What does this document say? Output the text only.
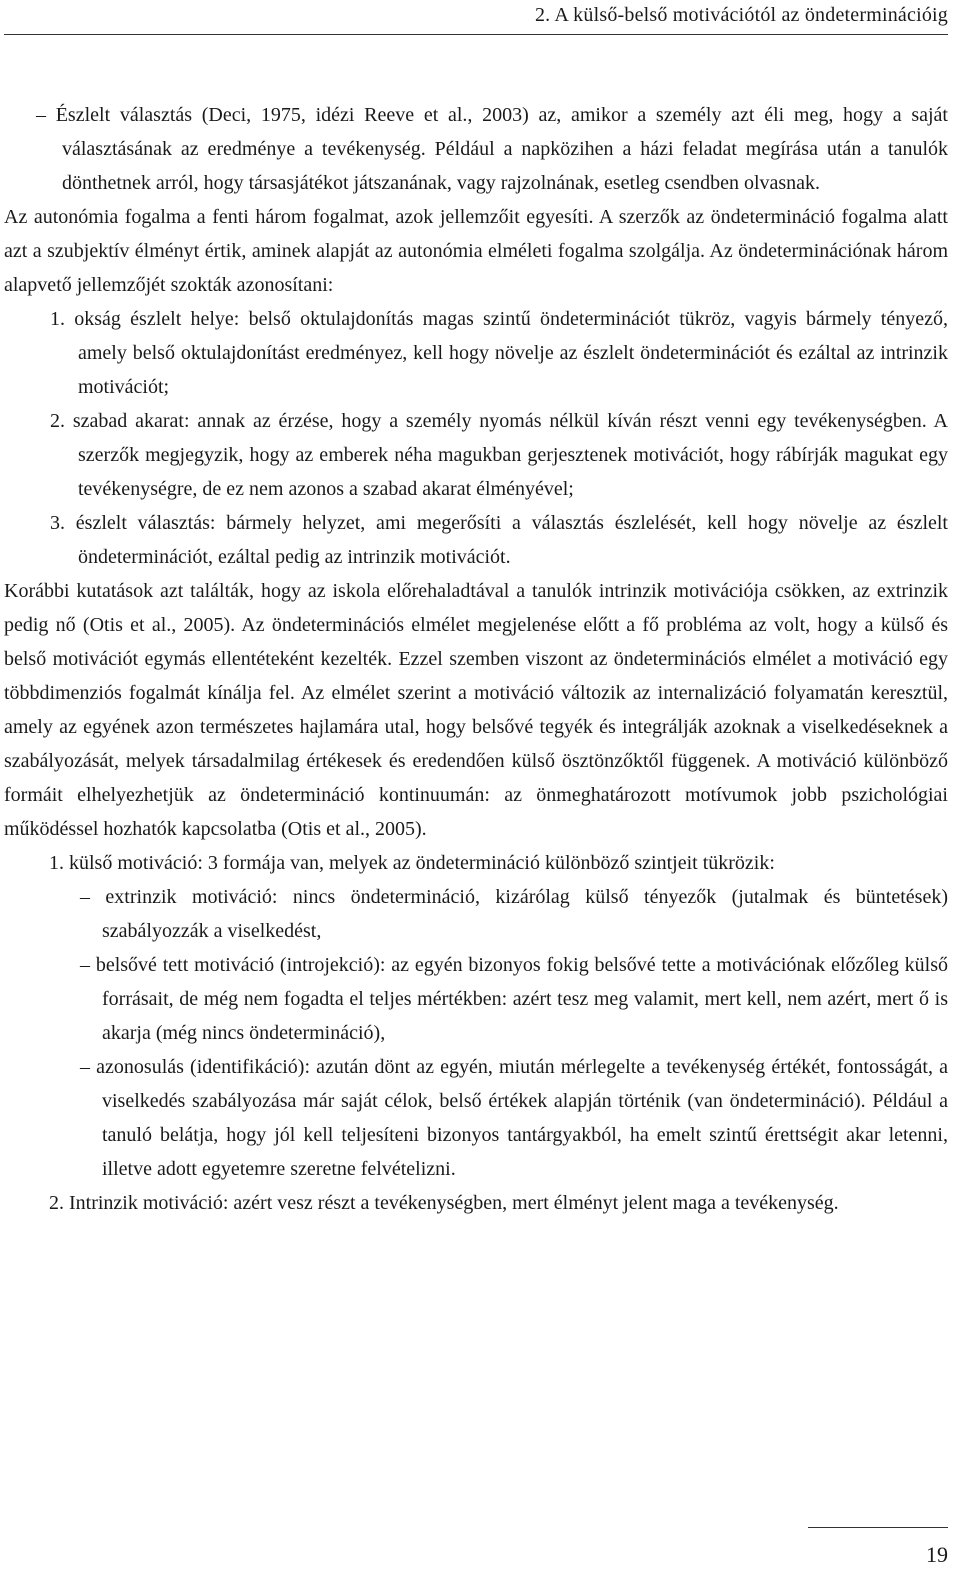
2. A külső-belső motivációtól az öndeterminációig

– Észlelt választás (Deci, 1975, idézi Reeve et al., 2003) az, amikor a személy azt éli meg, hogy a saját választásának az eredménye a tevékenység. Például a napközihen a házi feladat megírása után a tanulók dönthetnek arról, hogy társasjátékot játszanának, vagy rajzolnának, esetleg csendben olvasnak.

Az autonómia fogalma a fenti három fogalmat, azok jellemzőit egyesíti. A szerzők az öndetermináció fogalma alatt azt a szubjektív élményt értik, aminek alapját az autonómia elméleti fogalma szolgálja. Az öndeterminációnak három alapvető jellemzőjét szokták azonosítani:

1. okság észlelt helye: belső oktulajdonítás magas szintű öndeterminációt tükröz, vagyis bármely tényező, amely belső oktulajdonítást eredményez, kell hogy növelje az észlelt öndeterminációt és ezáltal az intrinzik motivációt;

2. szabad akarat: annak az érzése, hogy a személy nyomás nélkül kíván részt venni egy tevékenységben. A szerzők megjegyzik, hogy az emberek néha magukban gerjesztenek motivációt, hogy rábírják magukat egy tevékenységre, de ez nem azonos a szabad akarat élményével;

3. észlelt választás: bármely helyzet, ami megerősíti a választás észlelését, kell hogy növelje az észlelt öndeterminációt, ezáltal pedig az intrinzik motivációt.

Korábbi kutatások azt találták, hogy az iskola előrehaladtával a tanulók intrinzik motivációja csökken, az extrinzik pedig nő (Otis et al., 2005). Az öndeterminációs elmélet megjelenése előtt a fő probléma az volt, hogy a külső és belső motivációt egymás ellentéteként kezelték. Ezzel szemben viszont az öndeterminációs elmélet a motiváció egy többdimenziós fogalmát kínálja fel. Az elmélet szerint a motiváció változik az internalizáció folyamatán keresztül, amely az egyének azon természetes hajlamára utal, hogy belsővé tegyék és integrálják azoknak a viselkedéseknek a szabályozását, melyek társadalmilag értékesek és eredendően külső ösztönzőktől függenek. A motiváció különböző formáit elhelyezhetjük az öndetermináció kontinuumán: az önmeghatározott motívumok jobb pszichológiai működéssel hozhatók kapcsolatba (Otis et al., 2005).

1. külső motiváció: 3 formája van, melyek az öndetermináció különböző szintjeit tükrözik:

– extrinzik motiváció: nincs öndetermináció, kizárólag külső tényezők (jutalmak és büntetések) szabályozzák a viselkedést,

– belsővé tett motiváció (introjekció): az egyén bizonyos fokig belsővé tette a motivációnak előzőleg külső forrásait, de még nem fogadta el teljes mértékben: azért tesz meg valamit, mert kell, nem azért, mert ő is akarja (még nincs öndetermináció),

– azonosulás (identifikáció): azután dönt az egyén, miután mérlegelte a tevékenység értékét, fontosságát, a viselkedés szabályozása már saját célok, belső értékek alapján történik (van öndetermináció). Például a tanuló belátja, hogy jól kell teljesíteni bizonyos tantárgyakból, ha emelt szintű érettségit akar letenni, illetve adott egyetemre szeretne felvételizni.

2. Intrinzik motiváció: azért vesz részt a tevékenységben, mert élményt jelent maga a tevékenység.

19
